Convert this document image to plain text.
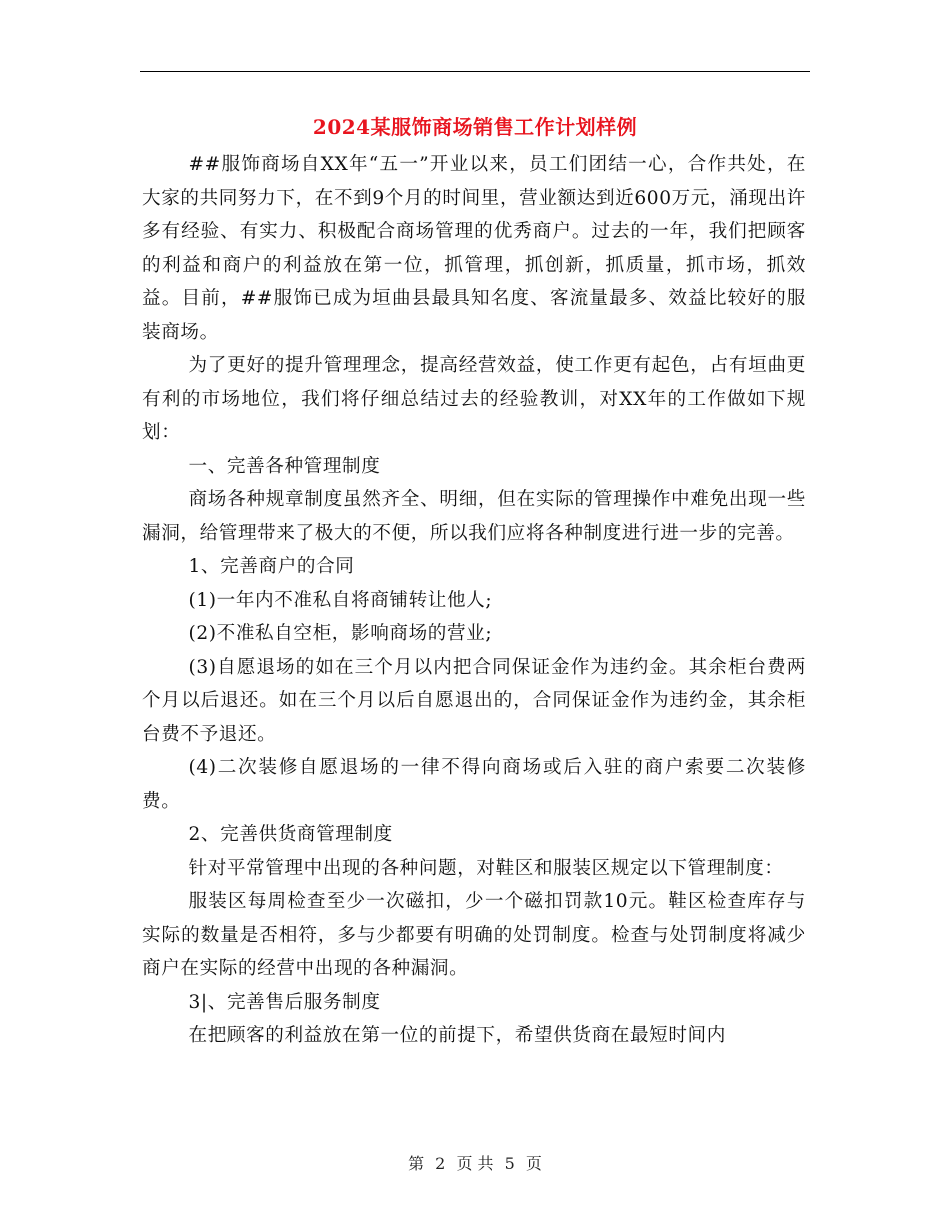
2024某服饰商场销售工作计划样例

##服饰商场自XX年“五一”开业以来，员工们团结一心，合作共处，在大家的共同努力下，在不到9个月的时间里，营业额达到近600万元，涌现出许多有经验、有实力、积极配合商场管理的优秀商户。过去的一年，我们把顾客的利益和商户的利益放在第一位，抓管理，抓创新，抓质量，抓市场，抓效益。目前，##服饰已成为垣曲县最具知名度、客流量最多、效益比较好的服装商场。

为了更好的提升管理理念，提高经营效益，使工作更有起色，占有垣曲更有利的市场地位，我们将仔细总结过去的经验教训，对XX年的工作做如下规划：

一、完善各种管理制度

商场各种规章制度虽然齐全、明细，但在实际的管理操作中难免出现一些漏洞，给管理带来了极大的不便，所以我们应将各种制度进行进一步的完善。

1、完善商户的合同

(1)一年内不准私自将商铺转让他人;

(2)不准私自空柜，影响商场的营业;

(3)自愿退场的如在三个月以内把合同保证金作为违约金。其余柜台费两个月以后退还。如在三个月以后自愿退出的，合同保证金作为违约金，其余柜台费不予退还。

(4)二次装修自愿退场的一律不得向商场或后入驻的商户索要二次装修费。

2、完善供货商管理制度

针对平常管理中出现的各种问题，对鞋区和服装区规定以下管理制度：

服装区每周检查至少一次磁扣，少一个磁扣罚款10元。鞋区检查库存与实际的数量是否相符，多与少都要有明确的处罚制度。检查与处罚制度将减少商户在实际的经营中出现的各种漏洞。

3|、完善售后服务制度

在把顾客的利益放在第一位的前提下，希望供货商在最短时间内

第 2 页 共 5 页
